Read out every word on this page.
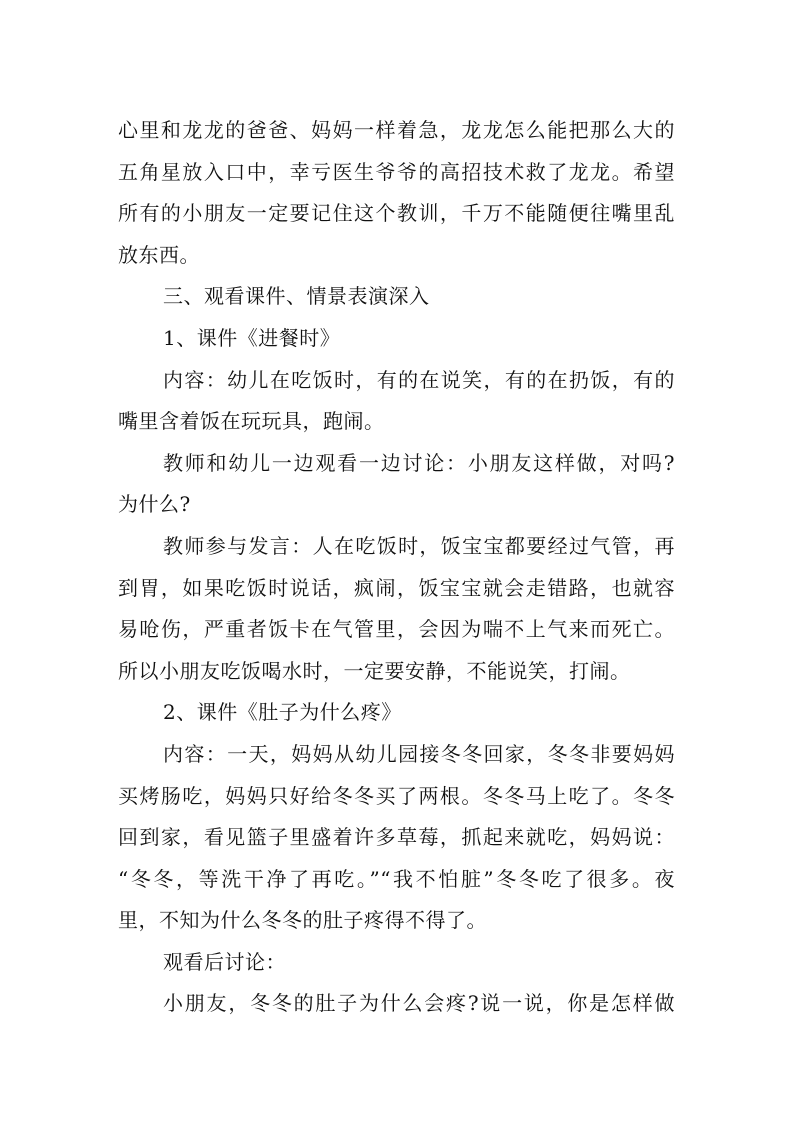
心里和龙龙的爸爸、妈妈一样着急，龙龙怎么能把那么大的
五角星放入口中，幸亏医生爷爷的高招技术救了龙龙。希望
所有的小朋友一定要记住这个教训，千万不能随便往嘴里乱
放东西。
三、观看课件、情景表演深入
1、课件《进餐时》
内容：幼儿在吃饭时，有的在说笑，有的在扔饭，有的
嘴里含着饭在玩玩具，跑闹。
教师和幼儿一边观看一边讨论：小朋友这样做，对吗?
为什么?
教师参与发言：人在吃饭时，饭宝宝都要经过气管，再
到胃，如果吃饭时说话，疯闹，饭宝宝就会走错路，也就容
易呛伤，严重者饭卡在气管里，会因为喘不上气来而死亡。
所以小朋友吃饭喝水时，一定要安静，不能说笑，打闹。
2、课件《肚子为什么疼》
内容：一天，妈妈从幼儿园接冬冬回家，冬冬非要妈妈
买烤肠吃，妈妈只好给冬冬买了两根。冬冬马上吃了。冬冬
回到家，看见篮子里盛着许多草莓，抓起来就吃，妈妈说：
“冬冬，等洗干净了再吃。”“我不怕脏”冬冬吃了很多。夜
里，不知为什么冬冬的肚子疼得不得了。
观看后讨论：
小朋友，冬冬的肚子为什么会疼?说一说，你是怎样做
